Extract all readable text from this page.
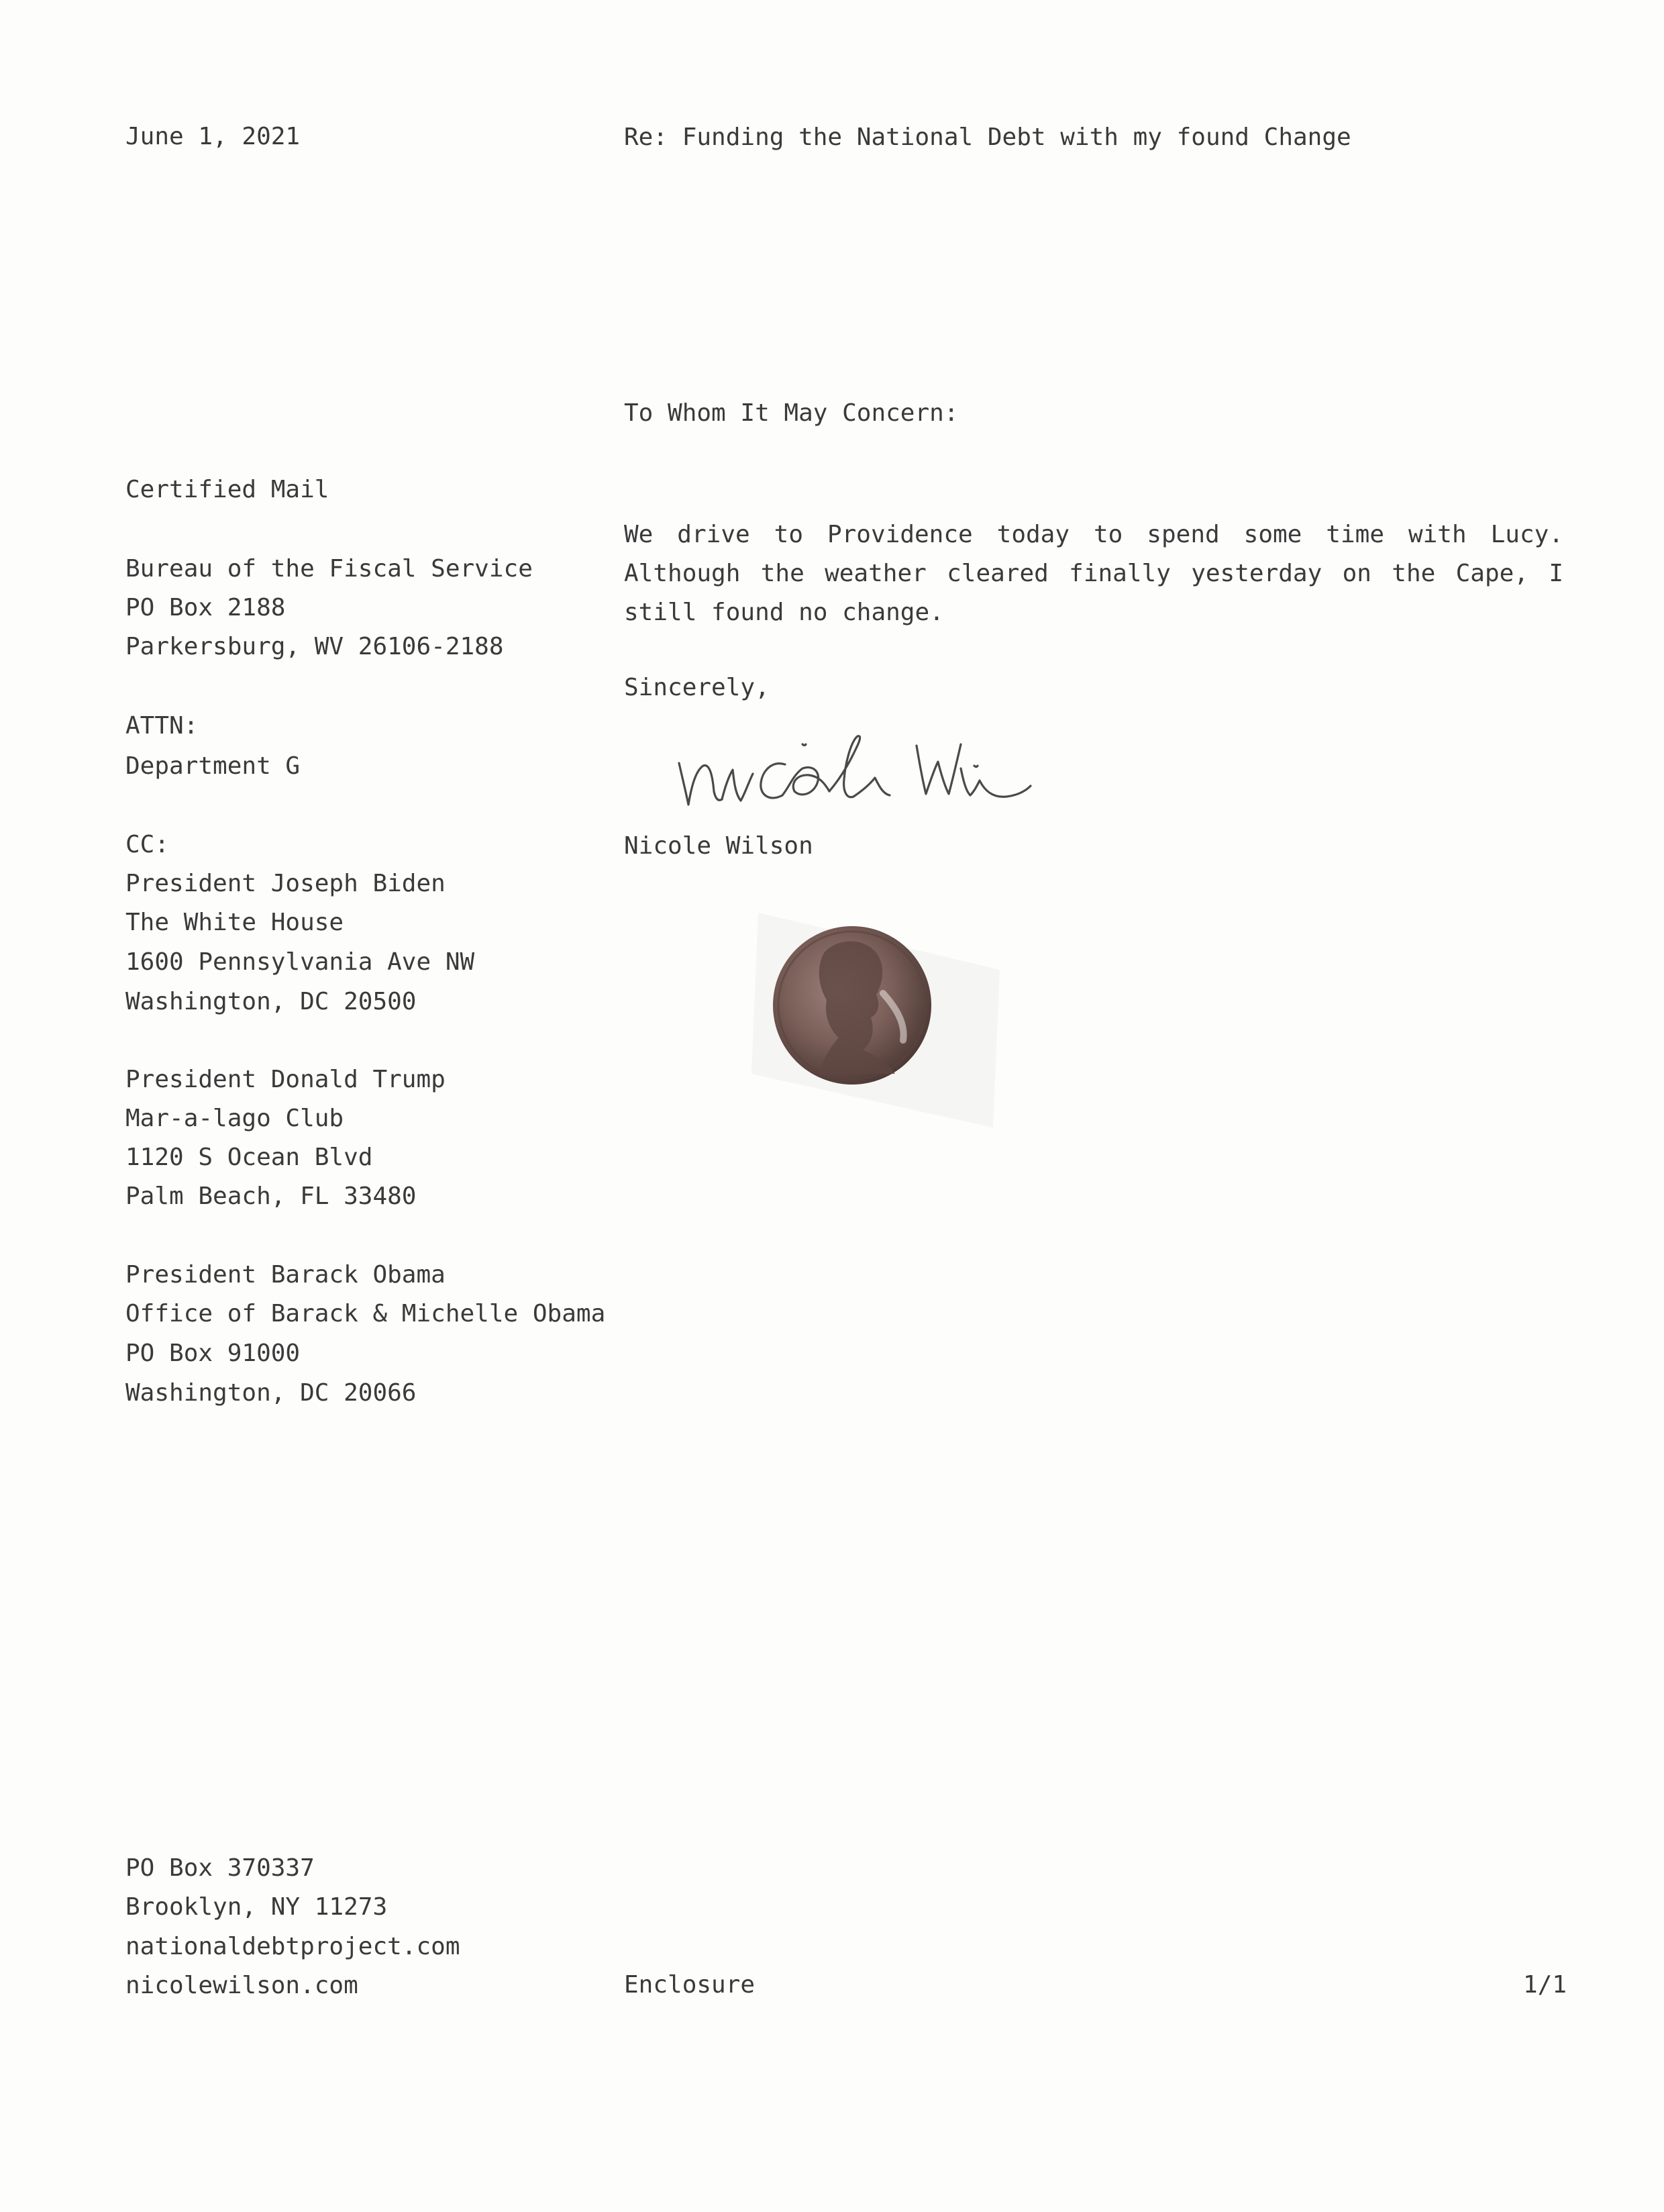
June 1, 2021	Re: Funding the National Debt with my found Change
To Whom It May Concern:
Certified Mail
Bureau of the Fiscal Service
PO Box 2188
Parkersburg, WV 26106-2188
ATTN:
Department G
CC:
President Joseph Biden
The White House
1600 Pennsylvania Ave NW
Washington, DC 20500
President Donald Trump
Mar-a-lago Club
1120 S Ocean Blvd
Palm Beach, FL 33480
President Barack Obama
Office of Barack & Michelle Obama
PO Box 91000
Washington, DC 20066
We drive to Providence today to spend some time with Lucy. Although the weather cleared finally yesterday on the Cape, I still found no change.
Sincerely,
Nicole Wilson
PO Box 370337
Brooklyn, NY 11273
nationaldebtproject.com
nicolewilson.com	Enclosure	1/1
